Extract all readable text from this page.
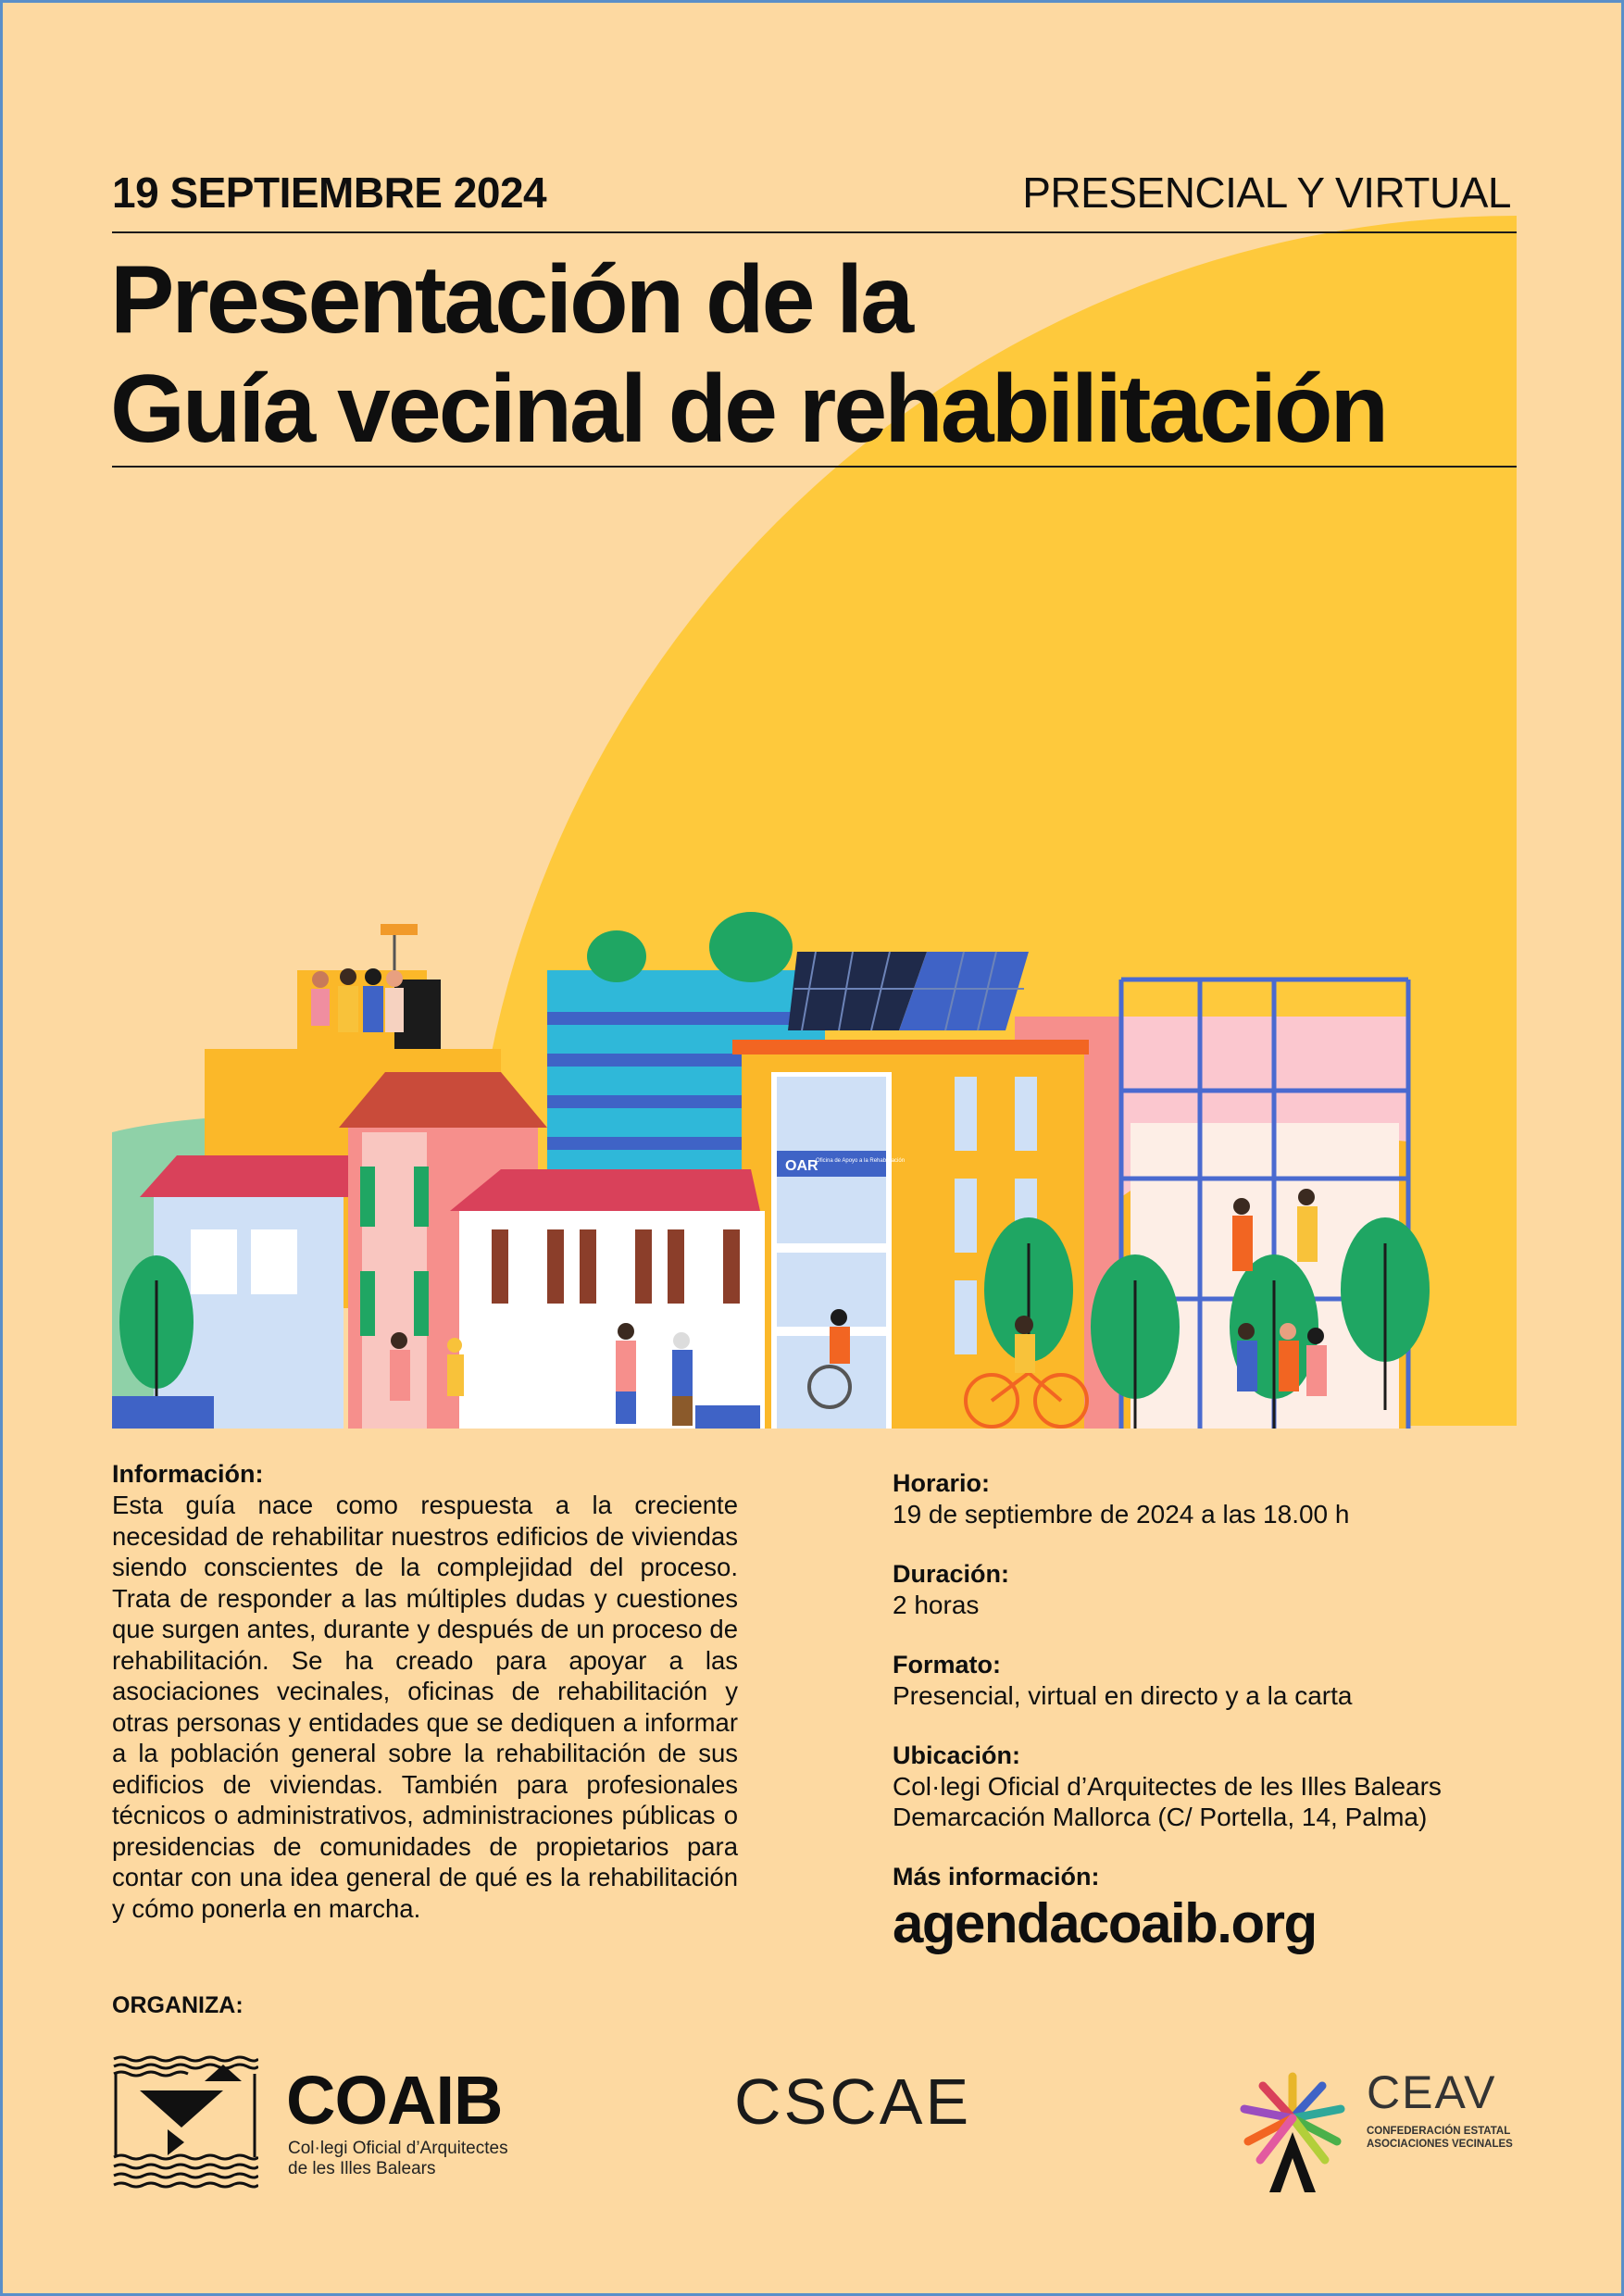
19 SEPTIEMBRE 2024	PRESENCIAL Y VIRTUAL
Presentación de la
Guía vecinal de rehabilitación
OAR
Oficina de Apoyo a la Rehabilitación
Información:

Esta guía nace como respuesta a la creciente necesidad de rehabilitar nuestros edificios de viviendas siendo conscientes de la complejidad del proceso. Trata de responder a las múltiples dudas y cuestiones que surgen antes, durante y después de un proceso de rehabilitación. Se ha creado para apoyar a las asociaciones vecinales, oficinas de rehabilitación y otras personas y entidades que se dediquen a informar a la población general sobre la rehabilitación de sus edificios de viviendas. También para profesionales técnicos o administrativos, administraciones públicas o presidencias de comunidades de propietarios para contar con una idea general de qué es la rehabilitación y cómo ponerla en marcha.

Horario:
19 de septiembre de 2024 a las 18.00 h
Duración:
2 horas
Formato:
Presencial, virtual en directo y a la carta
Ubicación:
Col·legi Oficial d’Arquitectes de les Illes Balears
Demarcación Mallorca (C/ Portella, 14, Palma)
Más información:
agendacoaib.org
ORGANIZA:
COAIB
Col·legi Oficial d’Arquitectes
de les Illes Balears
CSCAE	CEAV
CONFEDERACIÓN ESTATAL
ASOCIACIONES VECINALES
